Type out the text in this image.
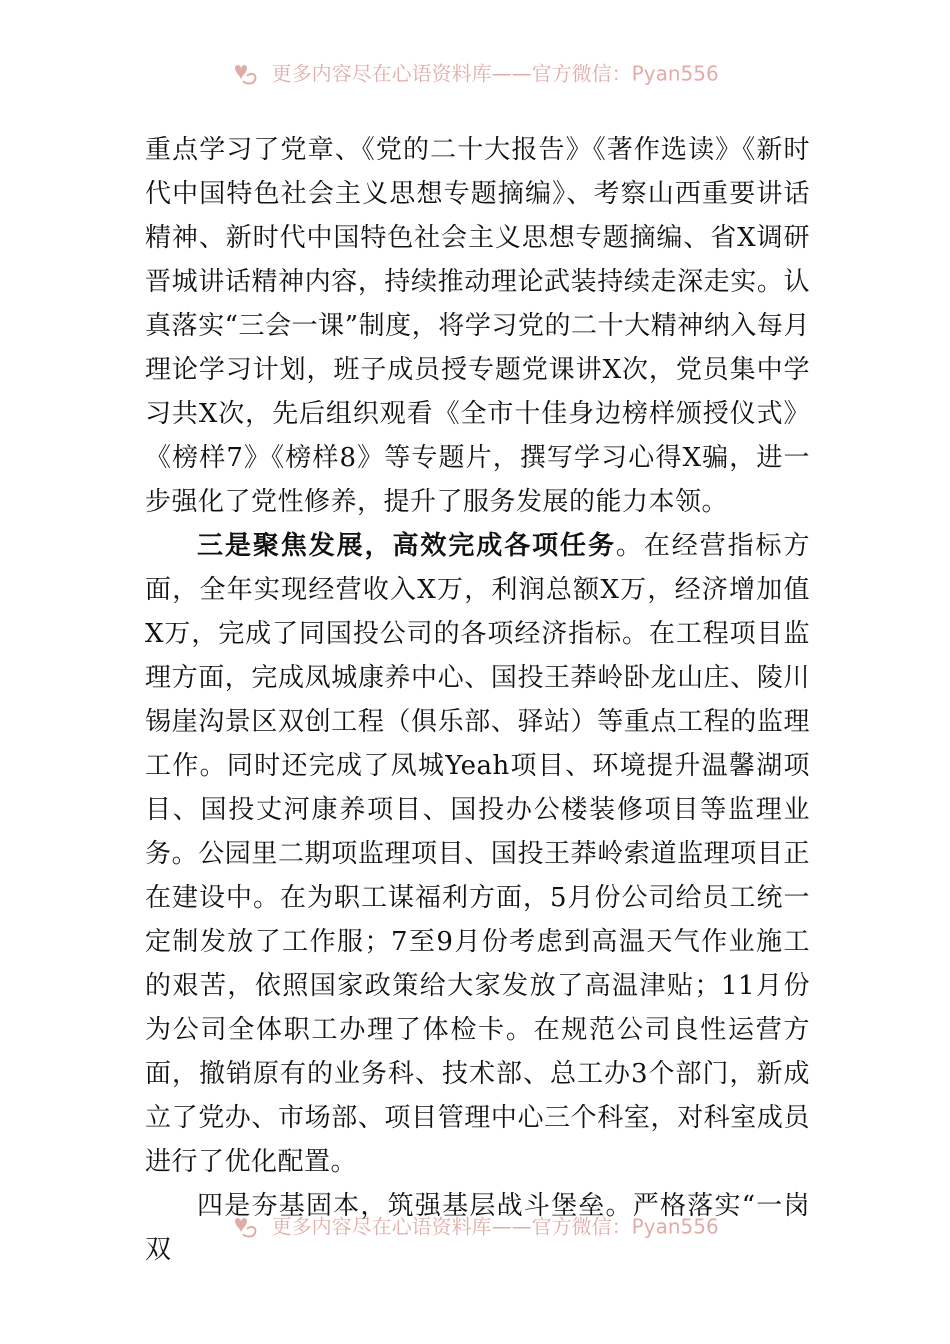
更多内容尽在心语资料库——官方微信：Pyan556

重点学习了党章、《党的二十大报告》《著作选读》《新时代中国特色社会主义思想专题摘编》、考察山西重要讲话精神、新时代中国特色社会主义思想专题摘编、省X调研晋城讲话精神内容，持续推动理论武装持续走深走实。认真落实“三会一课”制度，将学习党的二十大精神纳入每月理论学习计划，班子成员授专题党课讲X次，党员集中学习共X次，先后组织观看《全市十佳身边榜样颁授仪式》《榜样7》《榜样8》等专题片，撰写学习心得X骗，进一步强化了党性修养，提升了服务发展的能力本领。

三是聚焦发展，高效完成各项任务。在经营指标方面，全年实现经营收入X万，利润总额X万，经济增加值X万，完成了同国投公司的各项经济指标。在工程项目监理方面，完成凤城康养中心、国投王莽岭卧龙山庄、陵川锡崖沟景区双创工程（俱乐部、驿站）等重点工程的监理工作。同时还完成了凤城Yeah项目、环境提升温馨湖项目、国投丈河康养项目、国投办公楼装修项目等监理业务。公园里二期项监理项目、国投王莽岭索道监理项目正在建设中。在为职工谋福利方面，5月份公司给员工统一定制发放了工作服；7至9月份考虑到高温天气作业施工的艰苦，依照国家政策给大家发放了高温津贴；11月份为公司全体职工办理了体检卡。在规范公司良性运营方面，撤销原有的业务科、技术部、总工办3个部门，新成立了党办、市场部、项目管理中心三个科室，对科室成员进行了优化配置。

四是夯基固本，筑强基层战斗堡垒。严格落实“一岗双

更多内容尽在心语资料库——官方微信：Pyan556
